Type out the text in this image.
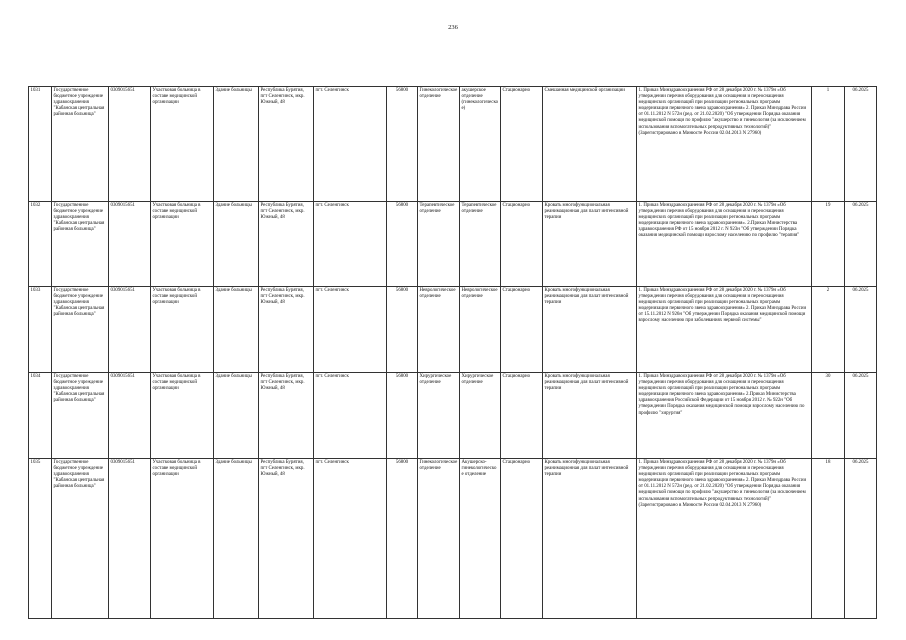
236
1031	Государственное бюджетное учреждение здравоохранения "Кабанская центральная районная больница"	0309015651	Участковая больница в составе медицинской организации	Здание больницы	Республика Бурятия, пгт Селенгинск, мкр. Южный, 48	пгт. Селенгинск	56800	Гинекологическое отделение	акушерское отделение (гинекологическое)	Стационарно	Смешанная медицинской организации	1. Приказ Минздравоохранения РФ от 28 декабря 2020 г. № 1379н «Об утверждении перечня оборудования для оснащения и переоснащения медицинских организаций при реализации региональных программ модернизации первичного звена здравоохранения» 2. Приказ Минздрава России от 01.11.2012 N 572н (ред. от 21.02.2020) "Об утверждении Порядка оказания медицинской помощи по профилю "акушерство и гинекология (за исключением использования вспомогательных репродуктивных технологий)" (Зарегистрировано в Минюсте России 02.04.2013 N 27960)	1	06.2025
1032	Государственное бюджетное учреждение здравоохранения "Кабанская центральная районная больница"	0309015651	Участковая больница в составе медицинской организации	Здание больницы	Республика Бурятия, пгт Селенгинск, мкр. Южный, 48	пгт. Селенгинск	56800	Терапевтическое отделение	Терапевтическое отделение	Стационарно	Кровать многофункциональная реанимационная для палат интенсивной терапии	1. Приказ Минздравоохранения РФ от 28 декабря 2020 г. № 1379н «Об утверждении перечня оборудования для оснащения и переоснащения медицинских организаций при реализации региональных программ модернизации первичного звена здравоохранения». 2.Приказ Министерства здравоохранения РФ от 15 ноября 2012 г. N 923н "Об утверждении Порядка оказания медицинской помощи взрослому населению по профилю "терапия"	19	06.2025
1033	Государственное бюджетное учреждение здравоохранения "Кабанская центральная районная больница"	0309015651	Участковая больница в составе медицинской организации	Здание больницы	Республика Бурятия, пгт Селенгинск, мкр. Южный, 48	пгт. Селенгинск	56800	Неврологическое отделение	Неврологическое отделение	Стационарно	Кровать многофункциональная реанимационная для палат интенсивной терапии	1. Приказ Минздравоохранения РФ от 28 декабря 2020 г. № 1379н «Об утверждении перечня оборудования для оснащения и переоснащения медицинских организаций при реализации региональных программ модернизации первичного звена здравоохранения» 2. Приказ Минздрава России от 15.11.2012 N 926н "Об утверждении Порядка оказания медицинской помощи взрослому населению при заболеваниях нервной системы"	2	06.2025
1034	Государственное бюджетное учреждение здравоохранения "Кабанская центральная районная больница"	0309015651	Участковая больница в составе медицинской организации	Здание больницы	Республика Бурятия, пгт Селенгинск, мкр. Южный, 48	пгт. Селенгинск	56800	Хирургическое отделение	Хирургическое отделение	Стационарно	Кровать многофункциональная реанимационная для палат интенсивной терапии	1. Приказ Минздравоохранения РФ от 28 декабря 2020 г. № 1379н «Об утверждении перечня оборудования для оснащения и переоснащения медицинских организаций при реализации региональных программ модернизации первичного звена здравоохранения» 2.Приказ Министерства здравоохранения Российской Федерации от 15 ноября 2012 г. № 922н "Об утверждении Порядка оказания медицинской помощи взрослому населению по профилю "хирургия"	30	06.2025
1035	Государственное бюджетное учреждение здравоохранения "Кабанская центральная районная больница"	0309015651	Участковая больница в составе медицинской организации	Здание больницы	Республика Бурятия, пгт Селенгинск, мкр. Южный, 48	пгт. Селенгинск	56800	Гинекологическое отделение	Акушерско-гинекологическое отделение	Стационарно	Кровать многофункциональная реанимационная для палат интенсивной терапии	1. Приказ Минздравоохранения РФ от 28 декабря 2020 г. № 1379н «Об утверждении перечня оборудования для оснащения и переоснащения медицинских организаций при реализации региональных программ модернизации первичного звена здравоохранения» 2. Приказ Минздрава России от 01.11.2012 N 572н (ред. от 21.02.2020) "Об утверждении Порядка оказания медицинской помощи по профилю "акушерство и гинекология (за исключением использования вспомогательных репродуктивных технологий)" (Зарегистрировано в Минюсте России 02.04.2013 N 27960)	18	06.2025
